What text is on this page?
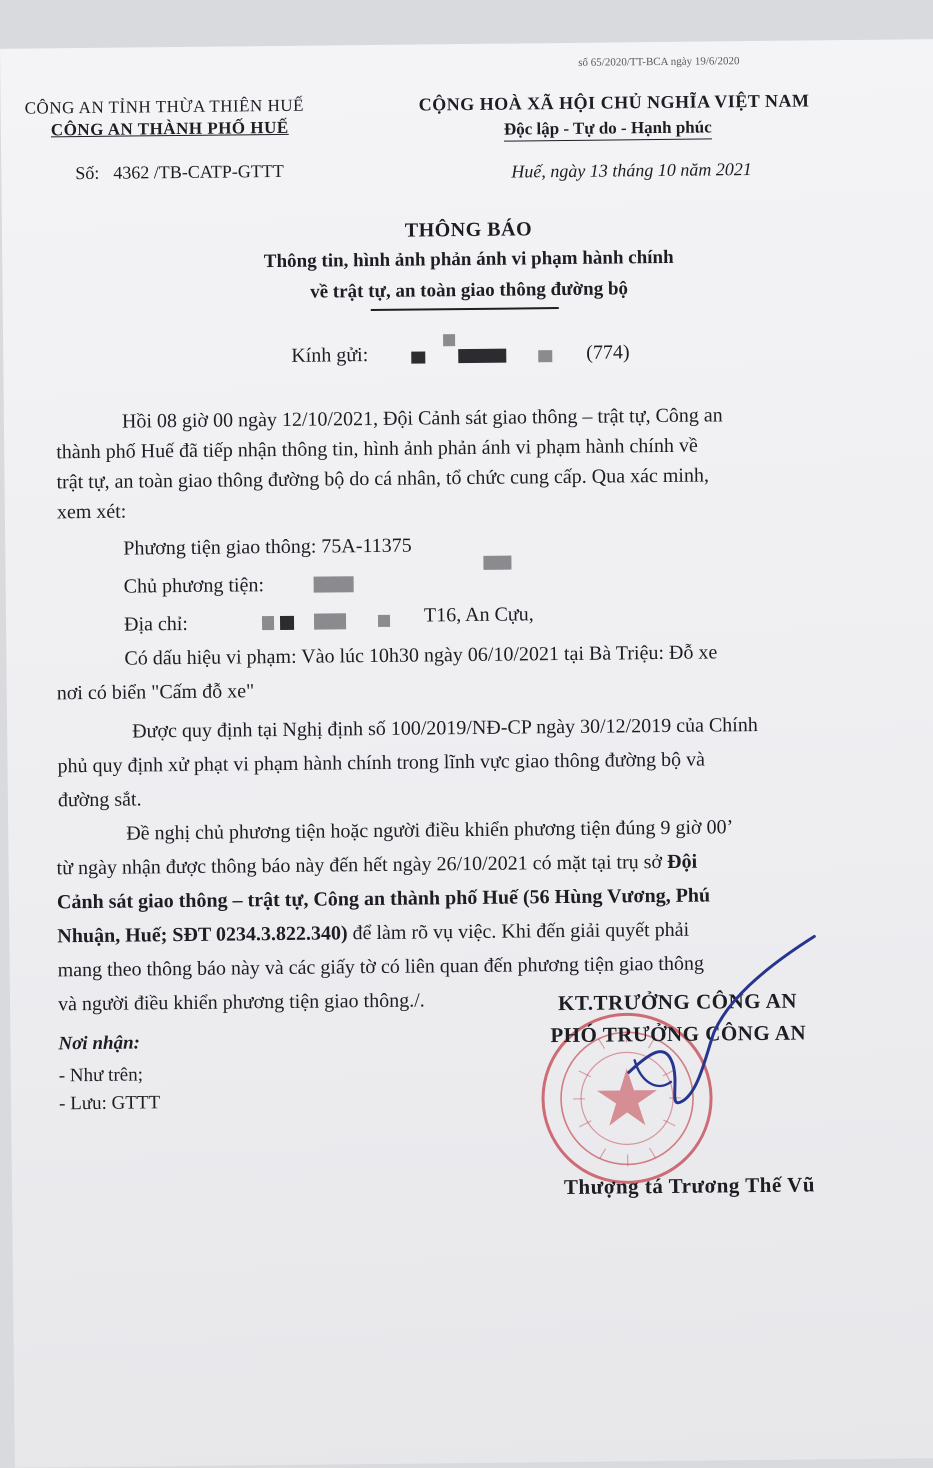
số 65/2020/TT-BCA ngày 19/6/2020
CÔNG AN TỈNH THỪA THIÊN HUẾ
CÔNG AN THÀNH PHỐ HUẾ
CỘNG HOÀ XÃ HỘI CHỦ NGHĨA VIỆT NAM
Độc lập - Tự do - Hạnh phúc
Số: 4362 /TB-CATP-GTTT	Huế, ngày 13 tháng 10 năm 2021
THÔNG BÁO
Thông tin, hình ảnh phản ánh vi phạm hành chính
về trật tự, an toàn giao thông đường bộ
Kính gửi:	(774)
Hồi 08 giờ 00 ngày 12/10/2021, Đội Cảnh sát giao thông – trật tự, Công an
thành phố Huế đã tiếp nhận thông tin, hình ảnh phản ánh vi phạm hành chính về
trật tự, an toàn giao thông đường bộ do cá nhân, tổ chức cung cấp. Qua xác minh,
xem xét:
Phương tiện giao thông: 75A-11375
Chủ phương tiện:
Địa chỉ:	T16, An Cựu,
Có dấu hiệu vi phạm: Vào lúc 10h30 ngày 06/10/2021 tại Bà Triệu: Đỗ xe
nơi có biển "Cấm đỗ xe"
Được quy định tại Nghị định số 100/2019/NĐ-CP ngày 30/12/2019 của Chính
phủ quy định xử phạt vi phạm hành chính trong lĩnh vực giao thông đường bộ và
đường sắt.
Đề nghị chủ phương tiện hoặc người điều khiển phương tiện đúng 9 giờ 00’
từ ngày nhận được thông báo này đến hết ngày 26/10/2021 có mặt tại trụ sở Đội
Cảnh sát giao thông – trật tự, Công an thành phố Huế (56 Hùng Vương, Phú
Nhuận, Huế; SĐT 0234.3.822.340) để làm rõ vụ việc. Khi đến giải quyết phải
mang theo thông báo này và các giấy tờ có liên quan đến phương tiện giao thông
và người điều khiển phương tiện giao thông./.
Nơi nhận:
- Như trên;
- Lưu: GTTT
KT.TRƯỞNG CÔNG AN
PHÓ TRƯỞNG CÔNG AN
Thượng tá Trương Thế Vũ
